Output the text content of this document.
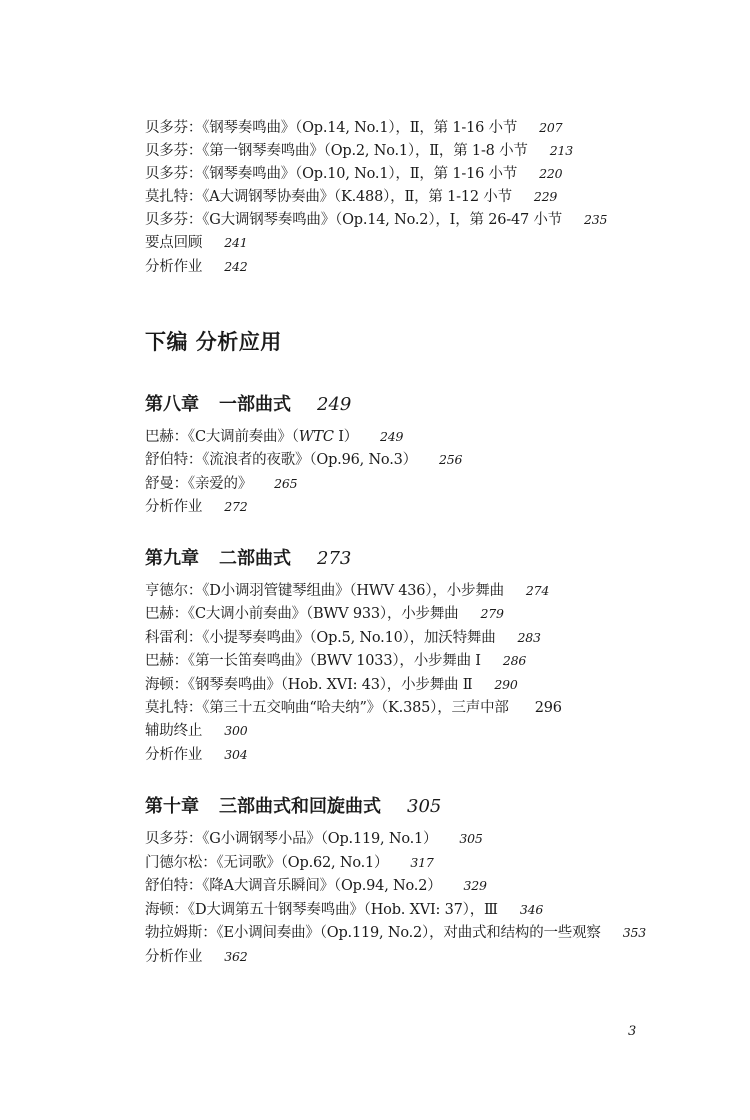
贝多芬：《钢琴奏鸣曲》（Op.14, No.1），Ⅱ，第 1-16 小节 207
贝多芬：《第一钢琴奏鸣曲》（Op.2, No.1），Ⅱ，第 1-8 小节 213
贝多芬：《钢琴奏鸣曲》（Op.10, No.1），Ⅱ，第 1-16 小节 220
莫扎特：《A大调钢琴协奏曲》（K.488），Ⅱ，第 1-12 小节 229
贝多芬：《G大调钢琴奏鸣曲》（Op.14, No.2），Ⅰ，第 26-47 小节 235
要点回顾 241
分析作业 242
下编 分析应用
第八章 一部曲式 249
巴赫：《C大调前奏曲》（WTC I） 249
舒伯特：《流浪者的夜歌》（Op.96, No.3） 256
舒曼：《亲爱的》 265
分析作业 272
第九章 二部曲式 273
亨德尔：《D小调羽管键琴组曲》（HWV 436），小步舞曲 274
巴赫：《C大调小前奏曲》（BWV 933），小步舞曲 279
科雷利：《小提琴奏鸣曲》（Op.5, No.10），加沃特舞曲 283
巴赫：《第一长笛奏鸣曲》（BWV 1033），小步舞曲 Ⅰ 286
海顿：《钢琴奏鸣曲》（Hob. XVI: 43），小步舞曲 Ⅱ 290
莫扎特：《第三十五交响曲“哈夫纳”》（K.385），三声中部 296
辅助终止 300
分析作业 304
第十章 三部曲式和回旋曲式 305
贝多芬：《G小调钢琴小品》（Op.119, No.1） 305
门德尔松：《无词歌》（Op.62, No.1） 317
舒伯特：《降A大调音乐瞬间》（Op.94, No.2） 329
海顿：《D大调第五十钢琴奏鸣曲》（Hob. XVI: 37），Ⅲ 346
勃拉姆斯：《E小调间奏曲》（Op.119, No.2），对曲式和结构的一些观察 353
分析作业 362
3
